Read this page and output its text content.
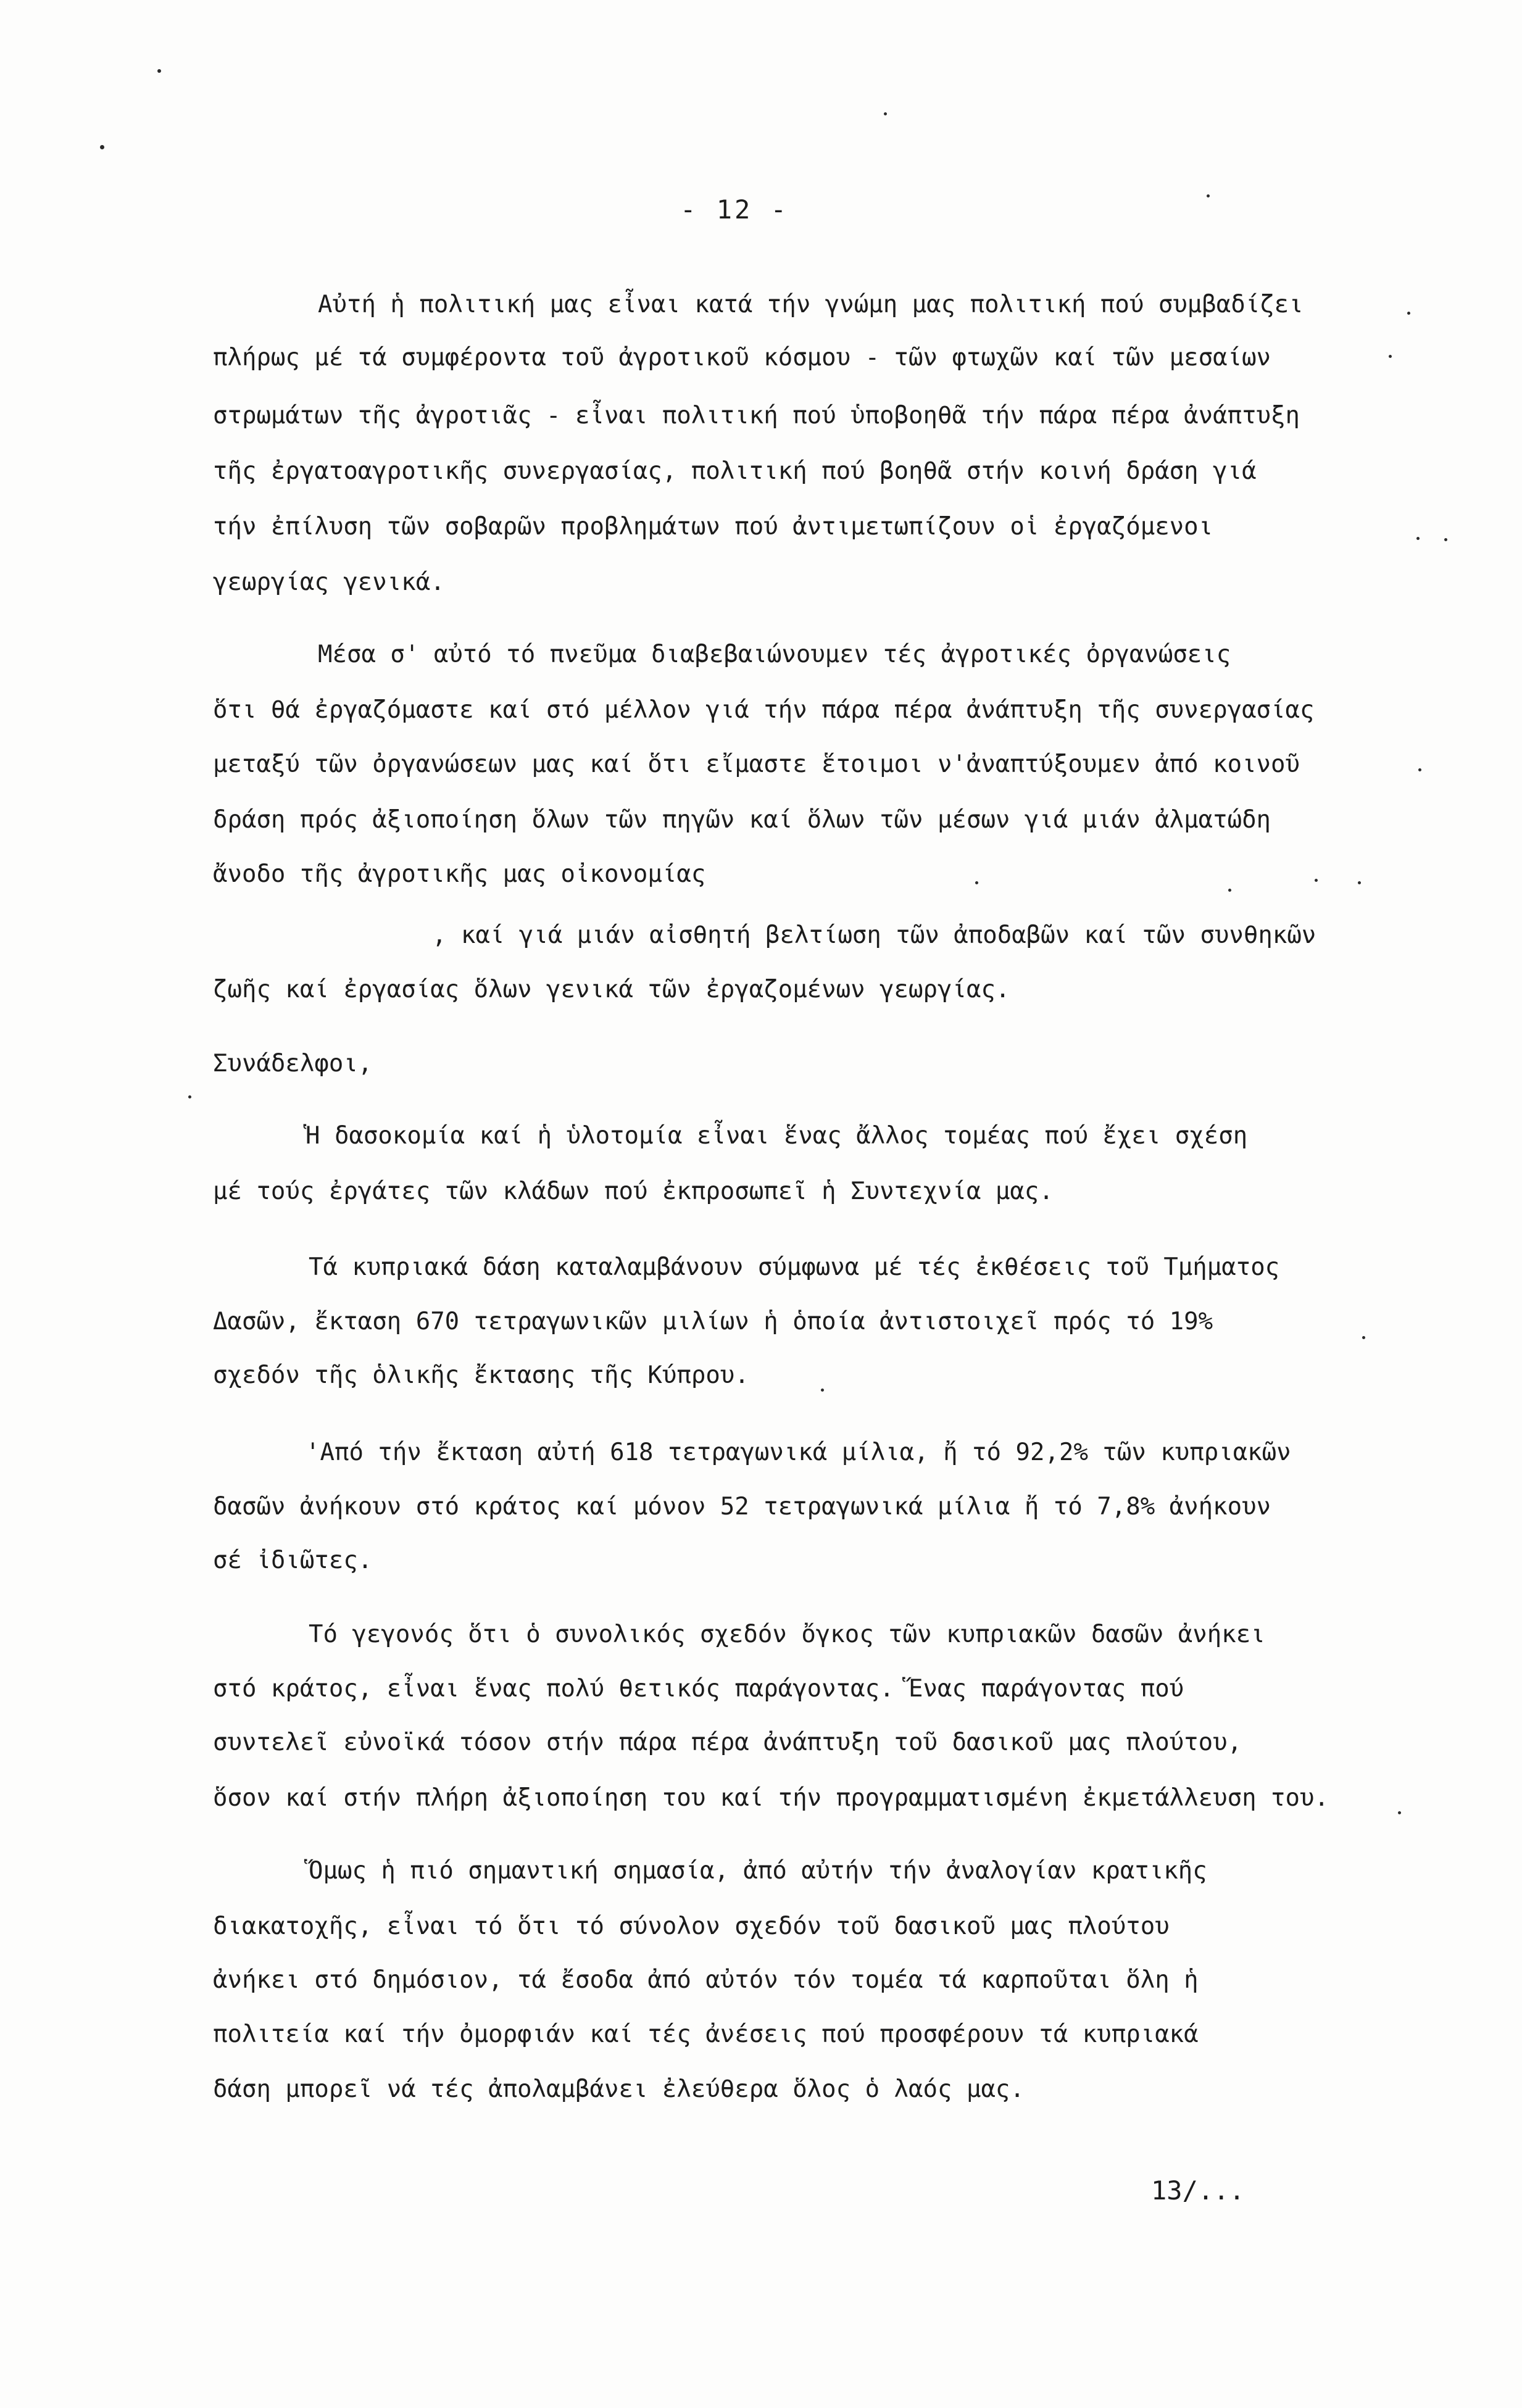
- 12 -
Αὐτή ἡ πολιτική μας εἶναι κατά τήν γνώμη μας πολιτική πού συμβαδίζει
πλήρως μέ τά συμφέροντα τοῦ ἀγροτικοῦ κόσμου - τῶν φτωχῶν καί τῶν μεσαίων
στρωμάτων τῆς ἀγροτιᾶς - εἶναι πολιτική πού ὑποβοηθᾶ τήν πάρα πέρα ἀνάπτυξη
τῆς ἐργατοαγροτικῆς συνεργασίας, πολιτική πού βοηθᾶ στήν κοινή δράση γιά
τήν ἐπίλυση τῶν σοβαρῶν προβλημάτων πού ἀντιμετωπίζουν οἱ ἐργαζόμενοι
γεωργίας γενικά.
Μέσα σ' αὐτό τό πνεῦμα διαβεβαιώνουμεν τές ἀγροτικές ὀργανώσεις
ὅτι θά ἐργαζόμαστε καί στό μέλλον γιά τήν πάρα πέρα ἀνάπτυξη τῆς συνεργασίας
μεταξύ τῶν ὀργανώσεων μας καί ὅτι εἴμαστε ἕτοιμοι ν'ἀναπτύξουμεν ἀπό κοινοῦ
δράση πρός ἀξιοποίηση ὅλων τῶν πηγῶν καί ὅλων τῶν μέσων γιά μιάν ἀλματώδη
ἄνοδο τῆς ἀγροτικῆς μας οἰκονομίας
, καί γιά μιάν αἰσθητή βελτίωση τῶν ἀποδαβῶν καί τῶν συνθηκῶν
ζωῆς καί ἐργασίας ὅλων γενικά τῶν ἐργαζομένων γεωργίας.
Συνάδελφοι,
Ἡ δασοκομία καί ἡ ὑλοτομία εἶναι ἕνας ἄλλος τομέας πού ἔχει σχέση
μέ τούς ἐργάτες τῶν κλάδων πού ἐκπροσωπεῖ ἡ Συντεχνία μας.
Τά κυπριακά δάση καταλαμβάνουν σύμφωνα μέ τές ἐκθέσεις τοῦ Τμήματος
Δασῶν, ἔκταση 670 τετραγωνικῶν μιλίων ἡ ὁποία ἀντιστοιχεῖ πρός τό 19%
σχεδόν τῆς ὁλικῆς ἔκτασης τῆς Κύπρου.
'Από τήν ἔκταση αὐτή 618 τετραγωνικά μίλια, ἤ τό 92,2% τῶν κυπριακῶν
δασῶν ἀνήκουν στό κράτος καί μόνον 52 τετραγωνικά μίλια ἤ τό 7,8% ἀνήκουν
σέ ἰδιῶτες.
Τό γεγονός ὅτι ὁ συνολικός σχεδόν ὄγκος τῶν κυπριακῶν δασῶν ἀνήκει
στό κράτος, εἶναι ἕνας πολύ θετικός παράγοντας. Ἕνας παράγοντας πού
συντελεῖ εὐνοϊκά τόσον στήν πάρα πέρα ἀνάπτυξη τοῦ δασικοῦ μας πλούτου,
ὅσον καί στήν πλήρη ἀξιοποίηση του καί τήν προγραμματισμένη ἐκμετάλλευση του.
Ὅμως ἡ πιό σημαντική σημασία, ἀπό αὐτήν τήν ἀναλογίαν κρατικῆς
διακατοχῆς, εἶναι τό ὅτι τό σύνολον σχεδόν τοῦ δασικοῦ μας πλούτου
ἀνήκει στό δημόσιον, τά ἔσοδα ἀπό αὐτόν τόν τομέα τά καρποῦται ὅλη ἡ
πολιτεία καί τήν ὀμορφιάν καί τές ἀνέσεις πού προσφέρουν τά κυπριακά
δάση μπορεῖ νά τές ἀπολαμβάνει ἐλεύθερα ὅλος ὁ λαός μας.
13/...
